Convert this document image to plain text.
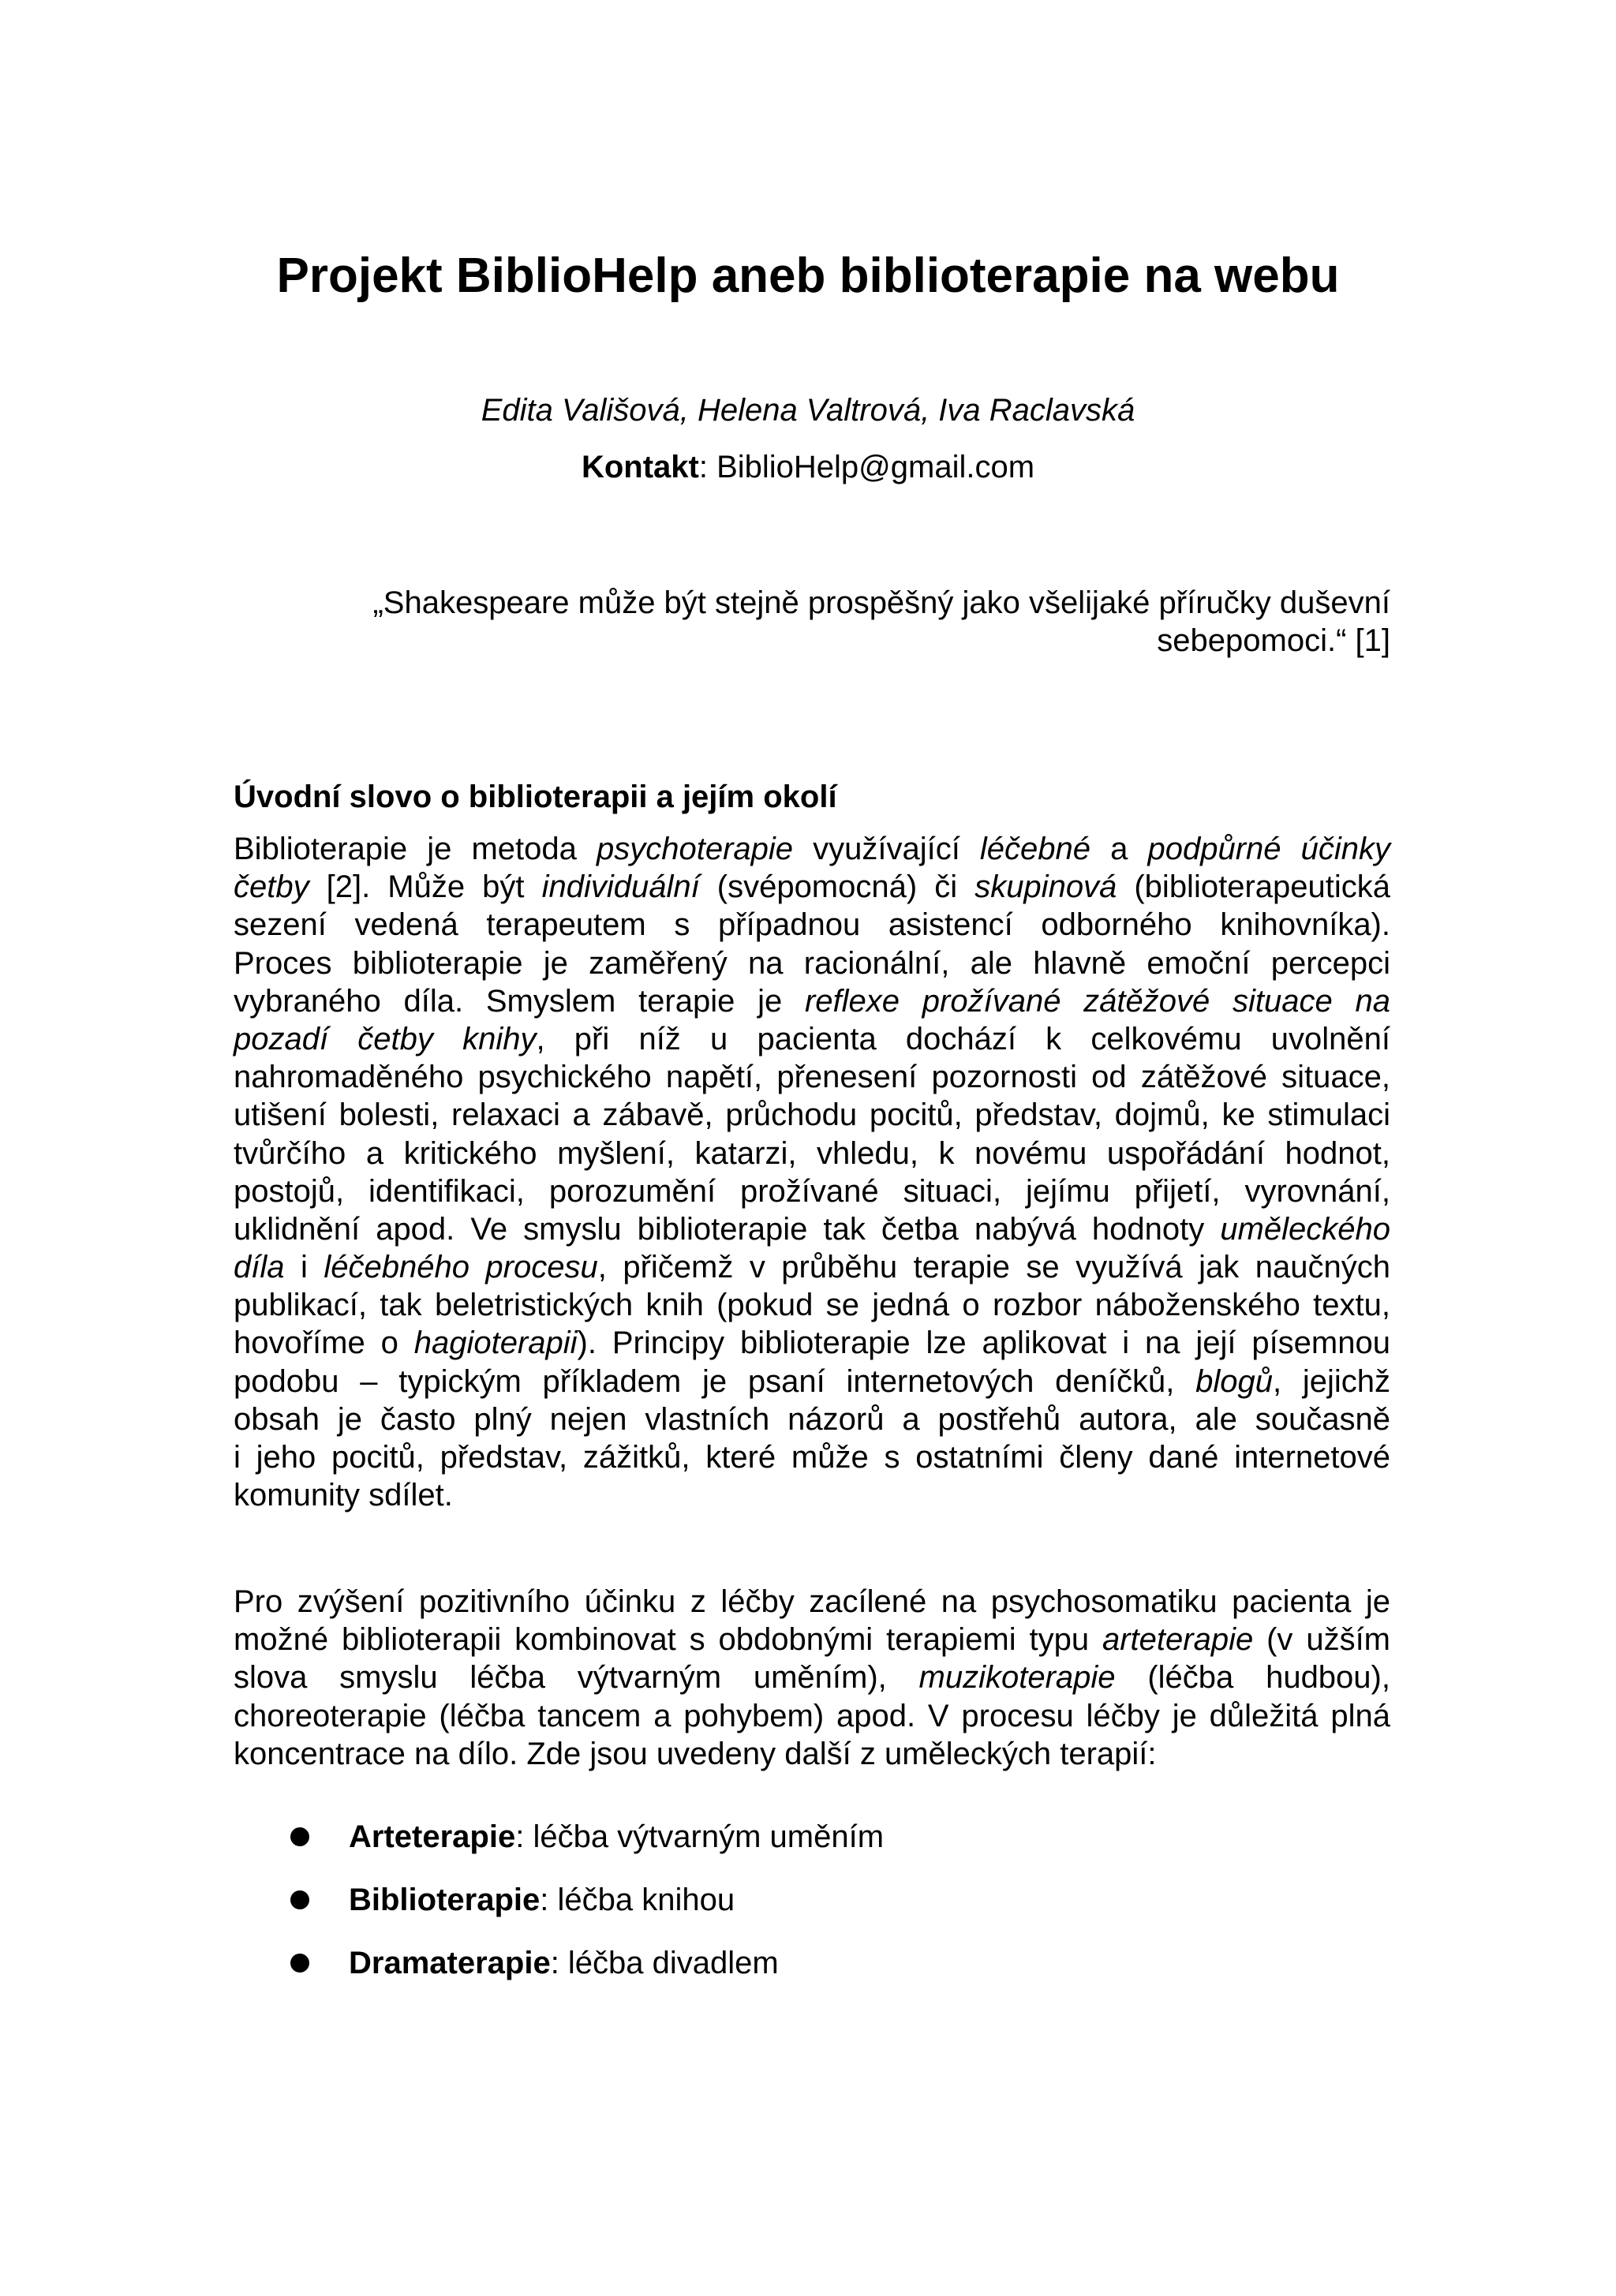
Projekt BiblioHelp aneb biblioterapie na webu
Edita Vališová, Helena Valtrová, Iva Raclavská
Kontakt: BiblioHelp@gmail.com
„Shakespeare může být stejně prospěšný jako všelijaké příručky duševní
sebepomoci.“ [1]
Úvodní slovo o biblioterapii a jejím okolí
Biblioterapie je metoda psychoterapie využívající léčebné a podpůrné účinky
četby [2]. Může být individuální (svépomocná) či skupinová (biblioterapeutická
sezení vedená terapeutem s případnou asistencí odborného knihovníka).
Proces biblioterapie je zaměřený na racionální, ale hlavně emoční percepci
vybraného díla. Smyslem terapie je reflexe prožívané zátěžové situace na
pozadí četby knihy, při níž u pacienta dochází k celkovému uvolnění
nahromaděného psychického napětí, přenesení pozornosti od zátěžové situace,
utišení bolesti, relaxaci a zábavě, průchodu pocitů, představ, dojmů, ke stimulaci
tvůrčího a kritického myšlení, katarzi, vhledu, k novému uspořádání hodnot,
postojů, identifikaci, porozumění prožívané situaci, jejímu přijetí, vyrovnání,
uklidnění apod. Ve smyslu biblioterapie tak četba nabývá hodnoty uměleckého
díla i léčebného procesu, přičemž v průběhu terapie se využívá jak naučných
publikací, tak beletristických knih (pokud se jedná o rozbor náboženského textu,
hovoříme o hagioterapii). Principy biblioterapie lze aplikovat i na její písemnou
podobu – typickým příkladem je psaní internetových deníčků, blogů, jejichž
obsah je často plný nejen vlastních názorů a postřehů autora, ale současně
i jeho pocitů, představ, zážitků, které může s ostatními členy dané internetové
komunity sdílet.
Pro zvýšení pozitivního účinku z léčby zacílené na psychosomatiku pacienta je
možné biblioterapii kombinovat s obdobnými terapiemi typu arteterapie (v užším
slova smyslu léčba výtvarným uměním), muzikoterapie (léčba hudbou),
choreoterapie (léčba tancem a pohybem) apod. V procesu léčby je důležitá plná
koncentrace na dílo. Zde jsou uvedeny další z uměleckých terapií:
Arteterapie: léčba výtvarným uměním
Biblioterapie: léčba knihou
Dramaterapie: léčba divadlem
